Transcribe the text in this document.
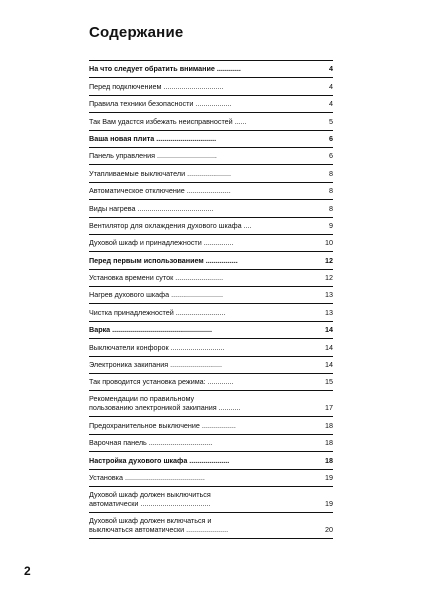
Содержание
На что следует обратить внимание ............	4
Перед подключением ..............................	4
Правила техники безопасности ..................	4
Так Вам удастся избежать неисправностей ......	5
Ваша новая плита ..............................	6
Панель управления ..............................	6
Утапливаемые выключатели ......................	8
Автоматическое отключение ......................	8
Виды нагрева ......................................	8
Вентилятор для охлаждения духового шкафа ....	9
Духовой шкаф и принадлежности ...............	10
Перед первым использованием ................	12
Установка времени суток ........................	12
Нагрев духового шкафа ..........................	13
Чистка принадлежностей .........................	13
Варка ..................................................	14
Выключатели конфорок ...........................	14
Электроника закипания ..........................	14
Так проводится установка режима: .............	15
Рекомендации по правильному
пользованию электроникой закипания ...........	17
Предохранительное выключение .................	18
Варочная панель ................................	18
Настройка духового шкафа ....................	18
Установка ........................................	19
Духовой шкаф должен выключиться
автоматически ...................................	19
Духовой шкаф должен включаться и
выключаться автоматически .....................	20
2
